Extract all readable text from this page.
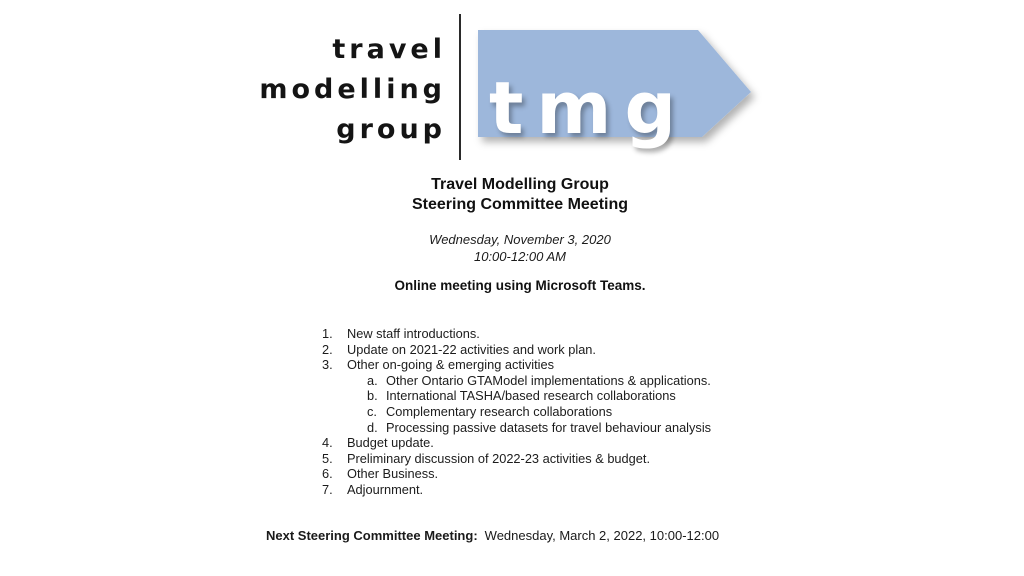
travel
modelling
group tmg
Travel Modelling Group
Steering Committee Meeting
Wednesday, November 3, 2020
10:00-12:00 AM
Online meeting using Microsoft Teams.
1.	New staff introductions.
2.	Update on 2021-22 activities and work plan.
3.	Other on-going & emerging activities
a. Other Ontario GTAModel implementations & applications.
b. International TASHA/based research collaborations
c. Complementary research collaborations
d. Processing passive datasets for travel behaviour analysis
4.	Budget update.
5.	Preliminary discussion of 2022-23 activities & budget.
6.	Other Business.
7.	Adjournment.
Next Steering Committee Meeting: Wednesday, March 2, 2022, 10:00-12:00
